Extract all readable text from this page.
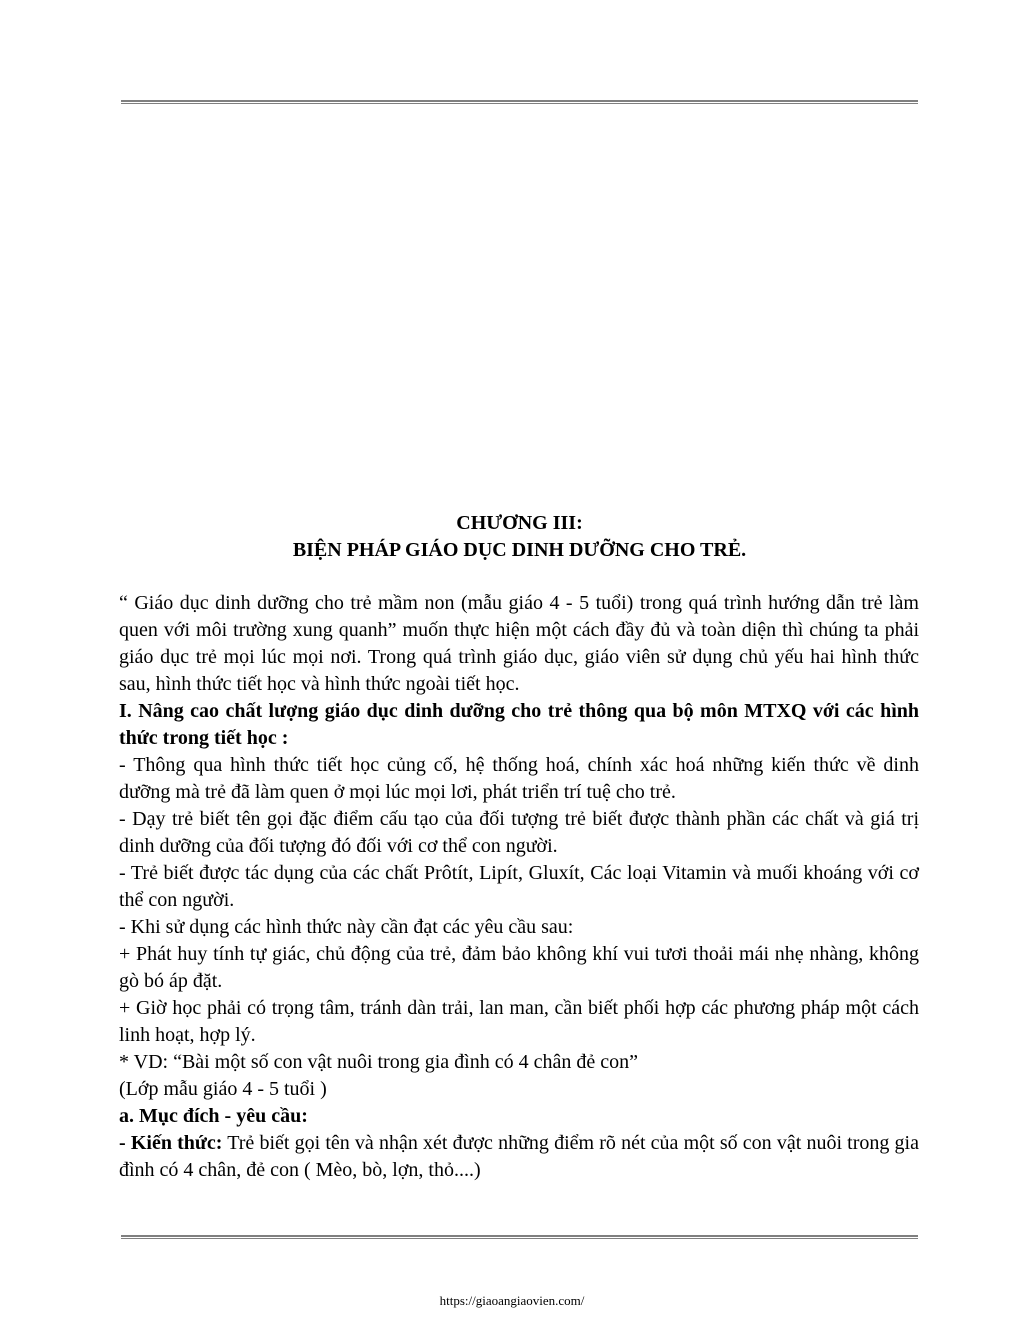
CHƯƠNG III:
BIỆN PHÁP GIÁO DỤC DINH DƯỠNG CHO TRẺ.

“ Giáo dục dinh dưỡng cho trẻ mầm non (mẫu giáo 4 - 5 tuổi) trong quá trình hướng dẫn trẻ làm quen với môi trường xung quanh” muốn thực hiện một cách đầy đủ và toàn diện thì chúng ta phải giáo dục trẻ mọi lúc mọi nơi. Trong quá trình giáo dục, giáo viên sử dụng chủ yếu hai hình thức sau, hình thức tiết học và hình thức ngoài tiết học.

I. Nâng cao chất lượng giáo dục dinh dưỡng cho trẻ thông qua bộ môn MTXQ với các hình thức trong tiết học :

- Thông qua hình thức tiết học củng cố, hệ thống hoá, chính xác hoá những kiến thức về dinh dưỡng mà trẻ đã làm quen ở mọi lúc mọi lơi, phát triển trí tuệ cho trẻ.

- Dạy trẻ biết tên gọi đặc điểm cấu tạo của đối tượng trẻ biết được thành phần các chất và giá trị dinh dưỡng của đối tượng đó đối với cơ thể con người.

- Trẻ biết được tác dụng của các chất Prôtít, Lipít, Gluxít, Các loại Vitamin và muối khoáng với cơ thể con người.

- Khi sử dụng các hình thức này cần đạt các yêu cầu sau:

+ Phát huy tính tự giác, chủ động của trẻ, đảm bảo không khí vui tươi thoải mái nhẹ nhàng, không gò bó áp đặt.

+ Giờ học phải có trọng tâm, tránh dàn trải, lan man, cần biết phối hợp các phương pháp một cách linh hoạt, hợp lý.

* VD: “Bài một số con vật nuôi trong gia đình có 4 chân đẻ con”

(Lớp mẫu giáo 4 - 5 tuổi )

a. Mục đích - yêu cầu:

- Kiến thức: Trẻ biết gọi tên và nhận xét được những điểm rõ nét của một số con vật nuôi trong gia đình có 4 chân, đẻ con ( Mèo, bò, lợn, thỏ....)

https://giaoangiaovien.com/
